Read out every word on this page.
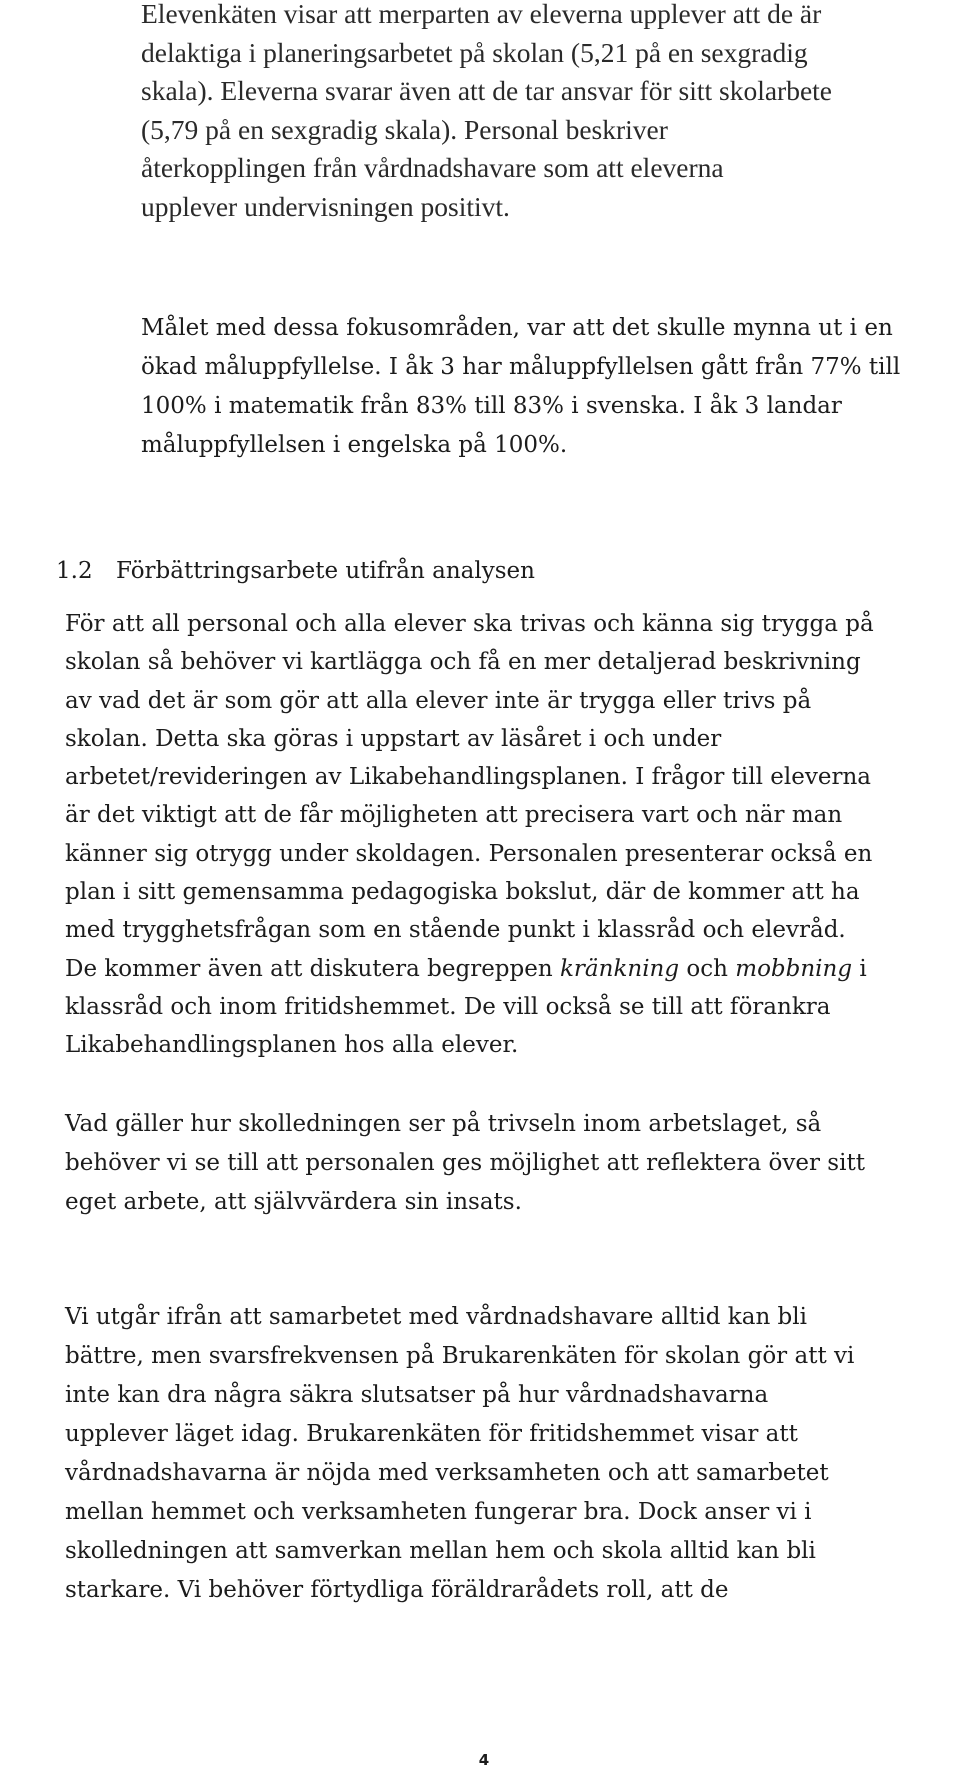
Elevenkäten visar att merparten av eleverna upplever att de är
delaktiga i planeringsarbetet på skolan (5,21 på en sexgradig
skala). Eleverna svarar även att de tar ansvar för sitt skolarbete
(5,79 på en sexgradig skala). Personal beskriver
återkopplingen från vårdnadshavare som att eleverna
upplever undervisningen positivt.
Målet med dessa fokusområden, var att det skulle mynna ut i en
ökad måluppfyllelse. I åk 3 har måluppfyllelsen gått från 77% till
100% i matematik från 83% till 83% i svenska. I åk 3 landar
måluppfyllelsen i engelska på 100%.
1.2 Förbättringsarbete utifrån analysen
För att all personal och alla elever ska trivas och känna sig trygga på
skolan så behöver vi kartlägga och få en mer detaljerad beskrivning
av vad det är som gör att alla elever inte är trygga eller trivs på
skolan. Detta ska göras i uppstart av läsåret i och under
arbetet/revideringen av Likabehandlingsplanen. I frågor till eleverna
är det viktigt att de får möjligheten att precisera vart och när man
känner sig otrygg under skoldagen. Personalen presenterar också en
plan i sitt gemensamma pedagogiska bokslut, där de kommer att ha
med trygghetsfrågan som en stående punkt i klassråd och elevråd.
De kommer även att diskutera begreppen kränkning och mobbning i
klassråd och inom fritidshemmet. De vill också se till att förankra
Likabehandlingsplanen hos alla elever.
Vad gäller hur skolledningen ser på trivseln inom arbetslaget, så
behöver vi se till att personalen ges möjlighet att reflektera över sitt
eget arbete, att självvärdera sin insats.
Vi utgår ifrån att samarbetet med vårdnadshavare alltid kan bli
bättre, men svarsfrekvensen på Brukarenkäten för skolan gör att vi
inte kan dra några säkra slutsatser på hur vårdnadshavarna
upplever läget idag. Brukarenkäten för fritidshemmet visar att
vårdnadshavarna är nöjda med verksamheten och att samarbetet
mellan hemmet och verksamheten fungerar bra. Dock anser vi i
skolledningen att samverkan mellan hem och skola alltid kan bli
starkare. Vi behöver förtydliga föräldrarådets roll, att de
4
